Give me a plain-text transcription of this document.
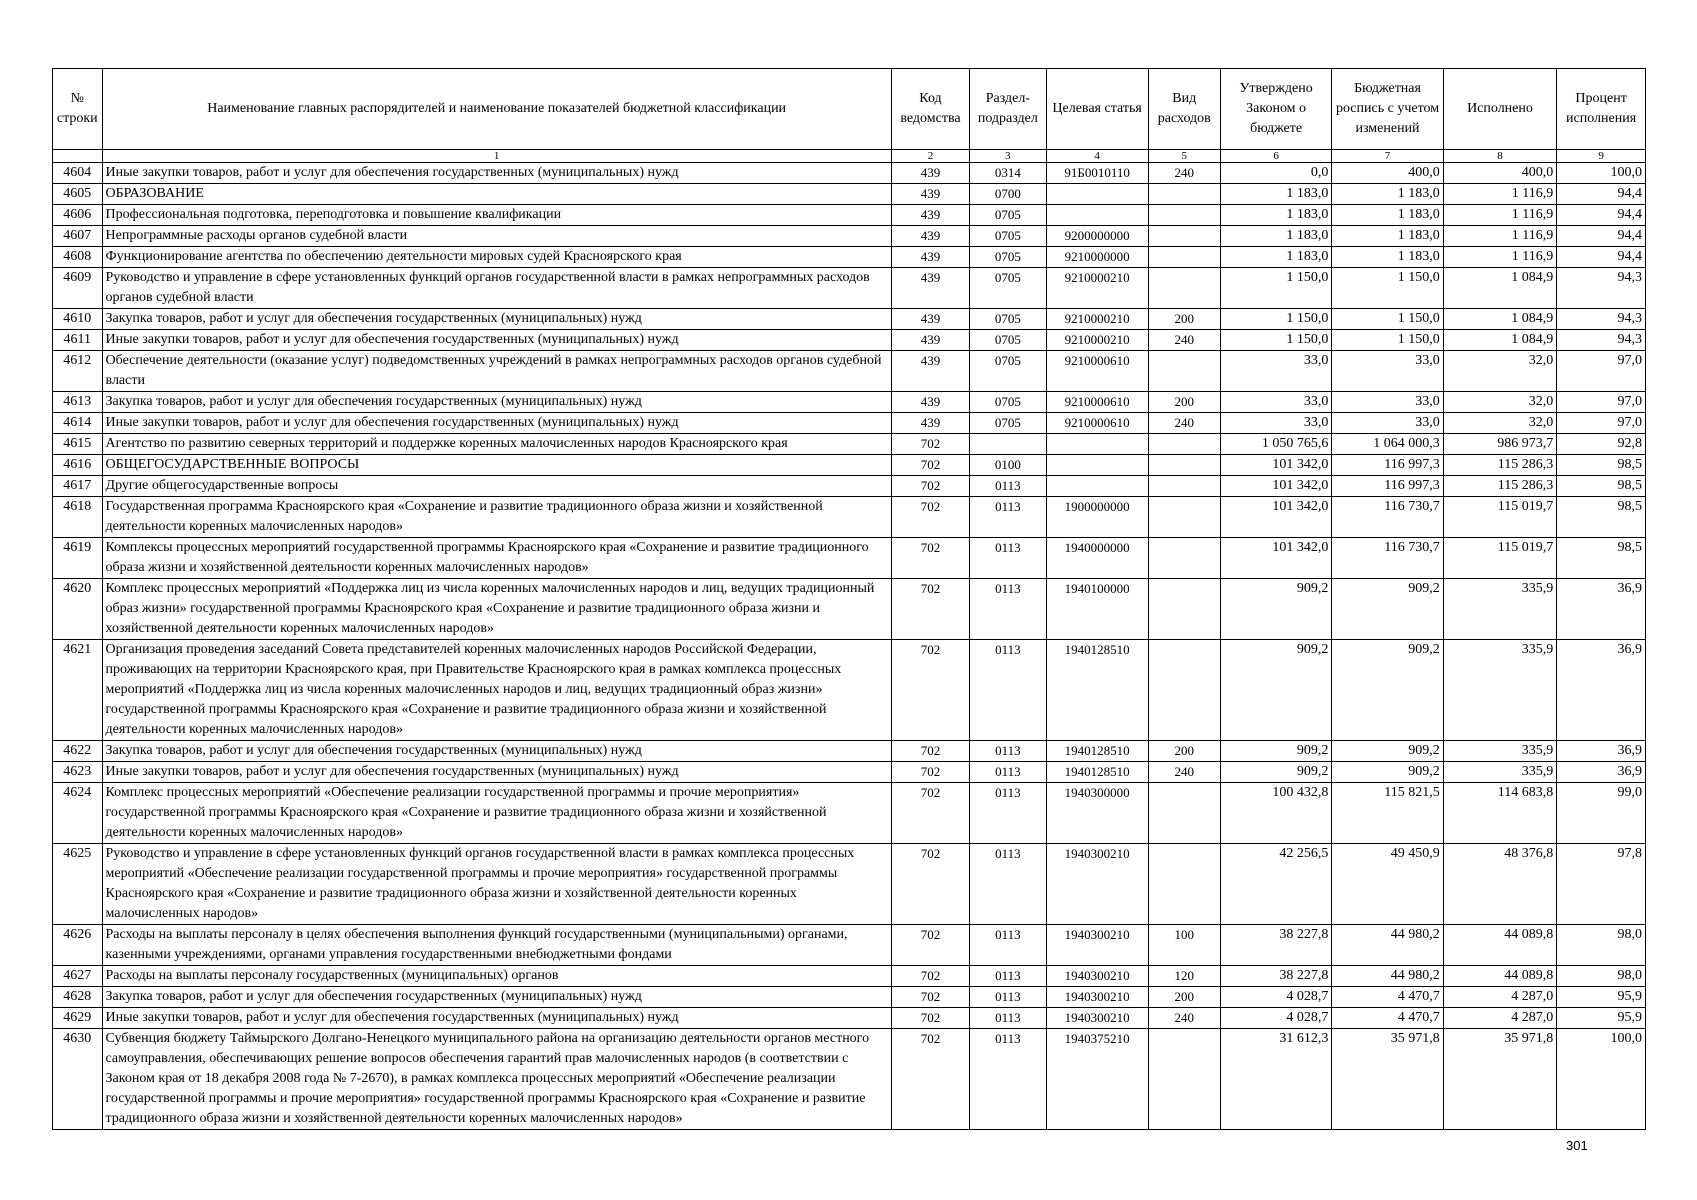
№ строки	Наименование главных распорядителей и наименование показателей бюджетной классификации	Код ведомства	Раздел-подраздел	Целевая статья	Вид расходов	Утверждено Законом о бюджете	Бюджетная роспись с учетом изменений	Исполнено	Процент исполнения
	1	2	3	4	5	6	7	8	9
4604	Иные закупки товаров, работ и услуг для обеспечения государственных (муниципальных) нужд	439	0314	91Б0010110	240	0,0	400,0	400,0	100,0
4605	ОБРАЗОВАНИЕ	439	0700			1 183,0	1 183,0	1 116,9	94,4
4606	Профессиональная подготовка, переподготовка и повышение квалификации	439	0705			1 183,0	1 183,0	1 116,9	94,4
4607	Непрограммные расходы органов судебной власти	439	0705	9200000000		1 183,0	1 183,0	1 116,9	94,4
4608	Функционирование агентства по обеспечению деятельности мировых судей Красноярского края	439	0705	9210000000		1 183,0	1 183,0	1 116,9	94,4
4609	Руководство и управление в сфере установленных функций органов государственной власти в рамках непрограммных расходов органов судебной власти	439	0705	9210000210		1 150,0	1 150,0	1 084,9	94,3
4610	Закупка товаров, работ и услуг для обеспечения государственных (муниципальных) нужд	439	0705	9210000210	200	1 150,0	1 150,0	1 084,9	94,3
4611	Иные закупки товаров, работ и услуг для обеспечения государственных (муниципальных) нужд	439	0705	9210000210	240	1 150,0	1 150,0	1 084,9	94,3
4612	Обеспечение деятельности (оказание услуг) подведомственных учреждений в рамках непрограммных расходов органов судебной власти	439	0705	9210000610		33,0	33,0	32,0	97,0
4613	Закупка товаров, работ и услуг для обеспечения государственных (муниципальных) нужд	439	0705	9210000610	200	33,0	33,0	32,0	97,0
4614	Иные закупки товаров, работ и услуг для обеспечения государственных (муниципальных) нужд	439	0705	9210000610	240	33,0	33,0	32,0	97,0
4615	Агентство по развитию северных территорий и поддержке коренных малочисленных народов Красноярского края	702				1 050 765,6	1 064 000,3	986 973,7	92,8
4616	ОБЩЕГОСУДАРСТВЕННЫЕ ВОПРОСЫ	702	0100			101 342,0	116 997,3	115 286,3	98,5
4617	Другие общегосударственные вопросы	702	0113			101 342,0	116 997,3	115 286,3	98,5
4618	Государственная программа Красноярского края «Сохранение и развитие традиционного образа жизни и хозяйственной деятельности коренных малочисленных народов»	702	0113	1900000000		101 342,0	116 730,7	115 019,7	98,5
4619	Комплексы процессных мероприятий государственной программы Красноярского края «Сохранение и развитие традиционного образа жизни и хозяйственной деятельности коренных малочисленных народов»	702	0113	1940000000		101 342,0	116 730,7	115 019,7	98,5
4620	Комплекс процессных мероприятий «Поддержка лиц из числа коренных малочисленных народов и лиц, ведущих традиционный образ жизни» государственной программы Красноярского края «Сохранение и развитие традиционного образа жизни и хозяйственной деятельности коренных малочисленных народов»	702	0113	1940100000		909,2	909,2	335,9	36,9
4621	Организация проведения заседаний Совета представителей коренных малочисленных народов Российской Федерации, проживающих на территории Красноярского края, при Правительстве Красноярского края в рамках комплекса процессных мероприятий «Поддержка лиц из числа коренных малочисленных народов и лиц, ведущих традиционный образ жизни» государственной программы Красноярского края «Сохранение и развитие традиционного образа жизни и хозяйственной деятельности коренных малочисленных народов»	702	0113	1940128510		909,2	909,2	335,9	36,9
4622	Закупка товаров, работ и услуг для обеспечения государственных (муниципальных) нужд	702	0113	1940128510	200	909,2	909,2	335,9	36,9
4623	Иные закупки товаров, работ и услуг для обеспечения государственных (муниципальных) нужд	702	0113	1940128510	240	909,2	909,2	335,9	36,9
4624	Комплекс процессных мероприятий «Обеспечение реализации государственной программы и прочие мероприятия» государственной программы Красноярского края «Сохранение и развитие традиционного образа жизни и хозяйственной деятельности коренных малочисленных народов»	702	0113	1940300000		100 432,8	115 821,5	114 683,8	99,0
4625	Руководство и управление в сфере установленных функций органов государственной власти в рамках комплекса процессных мероприятий «Обеспечение реализации государственной программы и прочие мероприятия» государственной программы Красноярского края «Сохранение и развитие традиционного образа жизни и хозяйственной деятельности коренных малочисленных народов»	702	0113	1940300210		42 256,5	49 450,9	48 376,8	97,8
4626	Расходы на выплаты персоналу в целях обеспечения выполнения функций государственными (муниципальными) органами, казенными учреждениями, органами управления государственными внебюджетными фондами	702	0113	1940300210	100	38 227,8	44 980,2	44 089,8	98,0
4627	Расходы на выплаты персоналу государственных (муниципальных) органов	702	0113	1940300210	120	38 227,8	44 980,2	44 089,8	98,0
4628	Закупка товаров, работ и услуг для обеспечения государственных (муниципальных) нужд	702	0113	1940300210	200	4 028,7	4 470,7	4 287,0	95,9
4629	Иные закупки товаров, работ и услуг для обеспечения государственных (муниципальных) нужд	702	0113	1940300210	240	4 028,7	4 470,7	4 287,0	95,9
4630	Субвенция бюджету Таймырского Долгано-Ненецкого муниципального района на организацию деятельности органов местного самоуправления, обеспечивающих решение вопросов обеспечения гарантий прав малочисленных народов (в соответствии с Законом края от 18 декабря 2008 года № 7-2670), в рамках комплекса процессных мероприятий «Обеспечение реализации государственной программы и прочие мероприятия» государственной программы Красноярского края «Сохранение и развитие традиционного образа жизни и хозяйственной деятельности коренных малочисленных народов»	702	0113	1940375210		31 612,3	35 971,8	35 971,8	100,0
301
